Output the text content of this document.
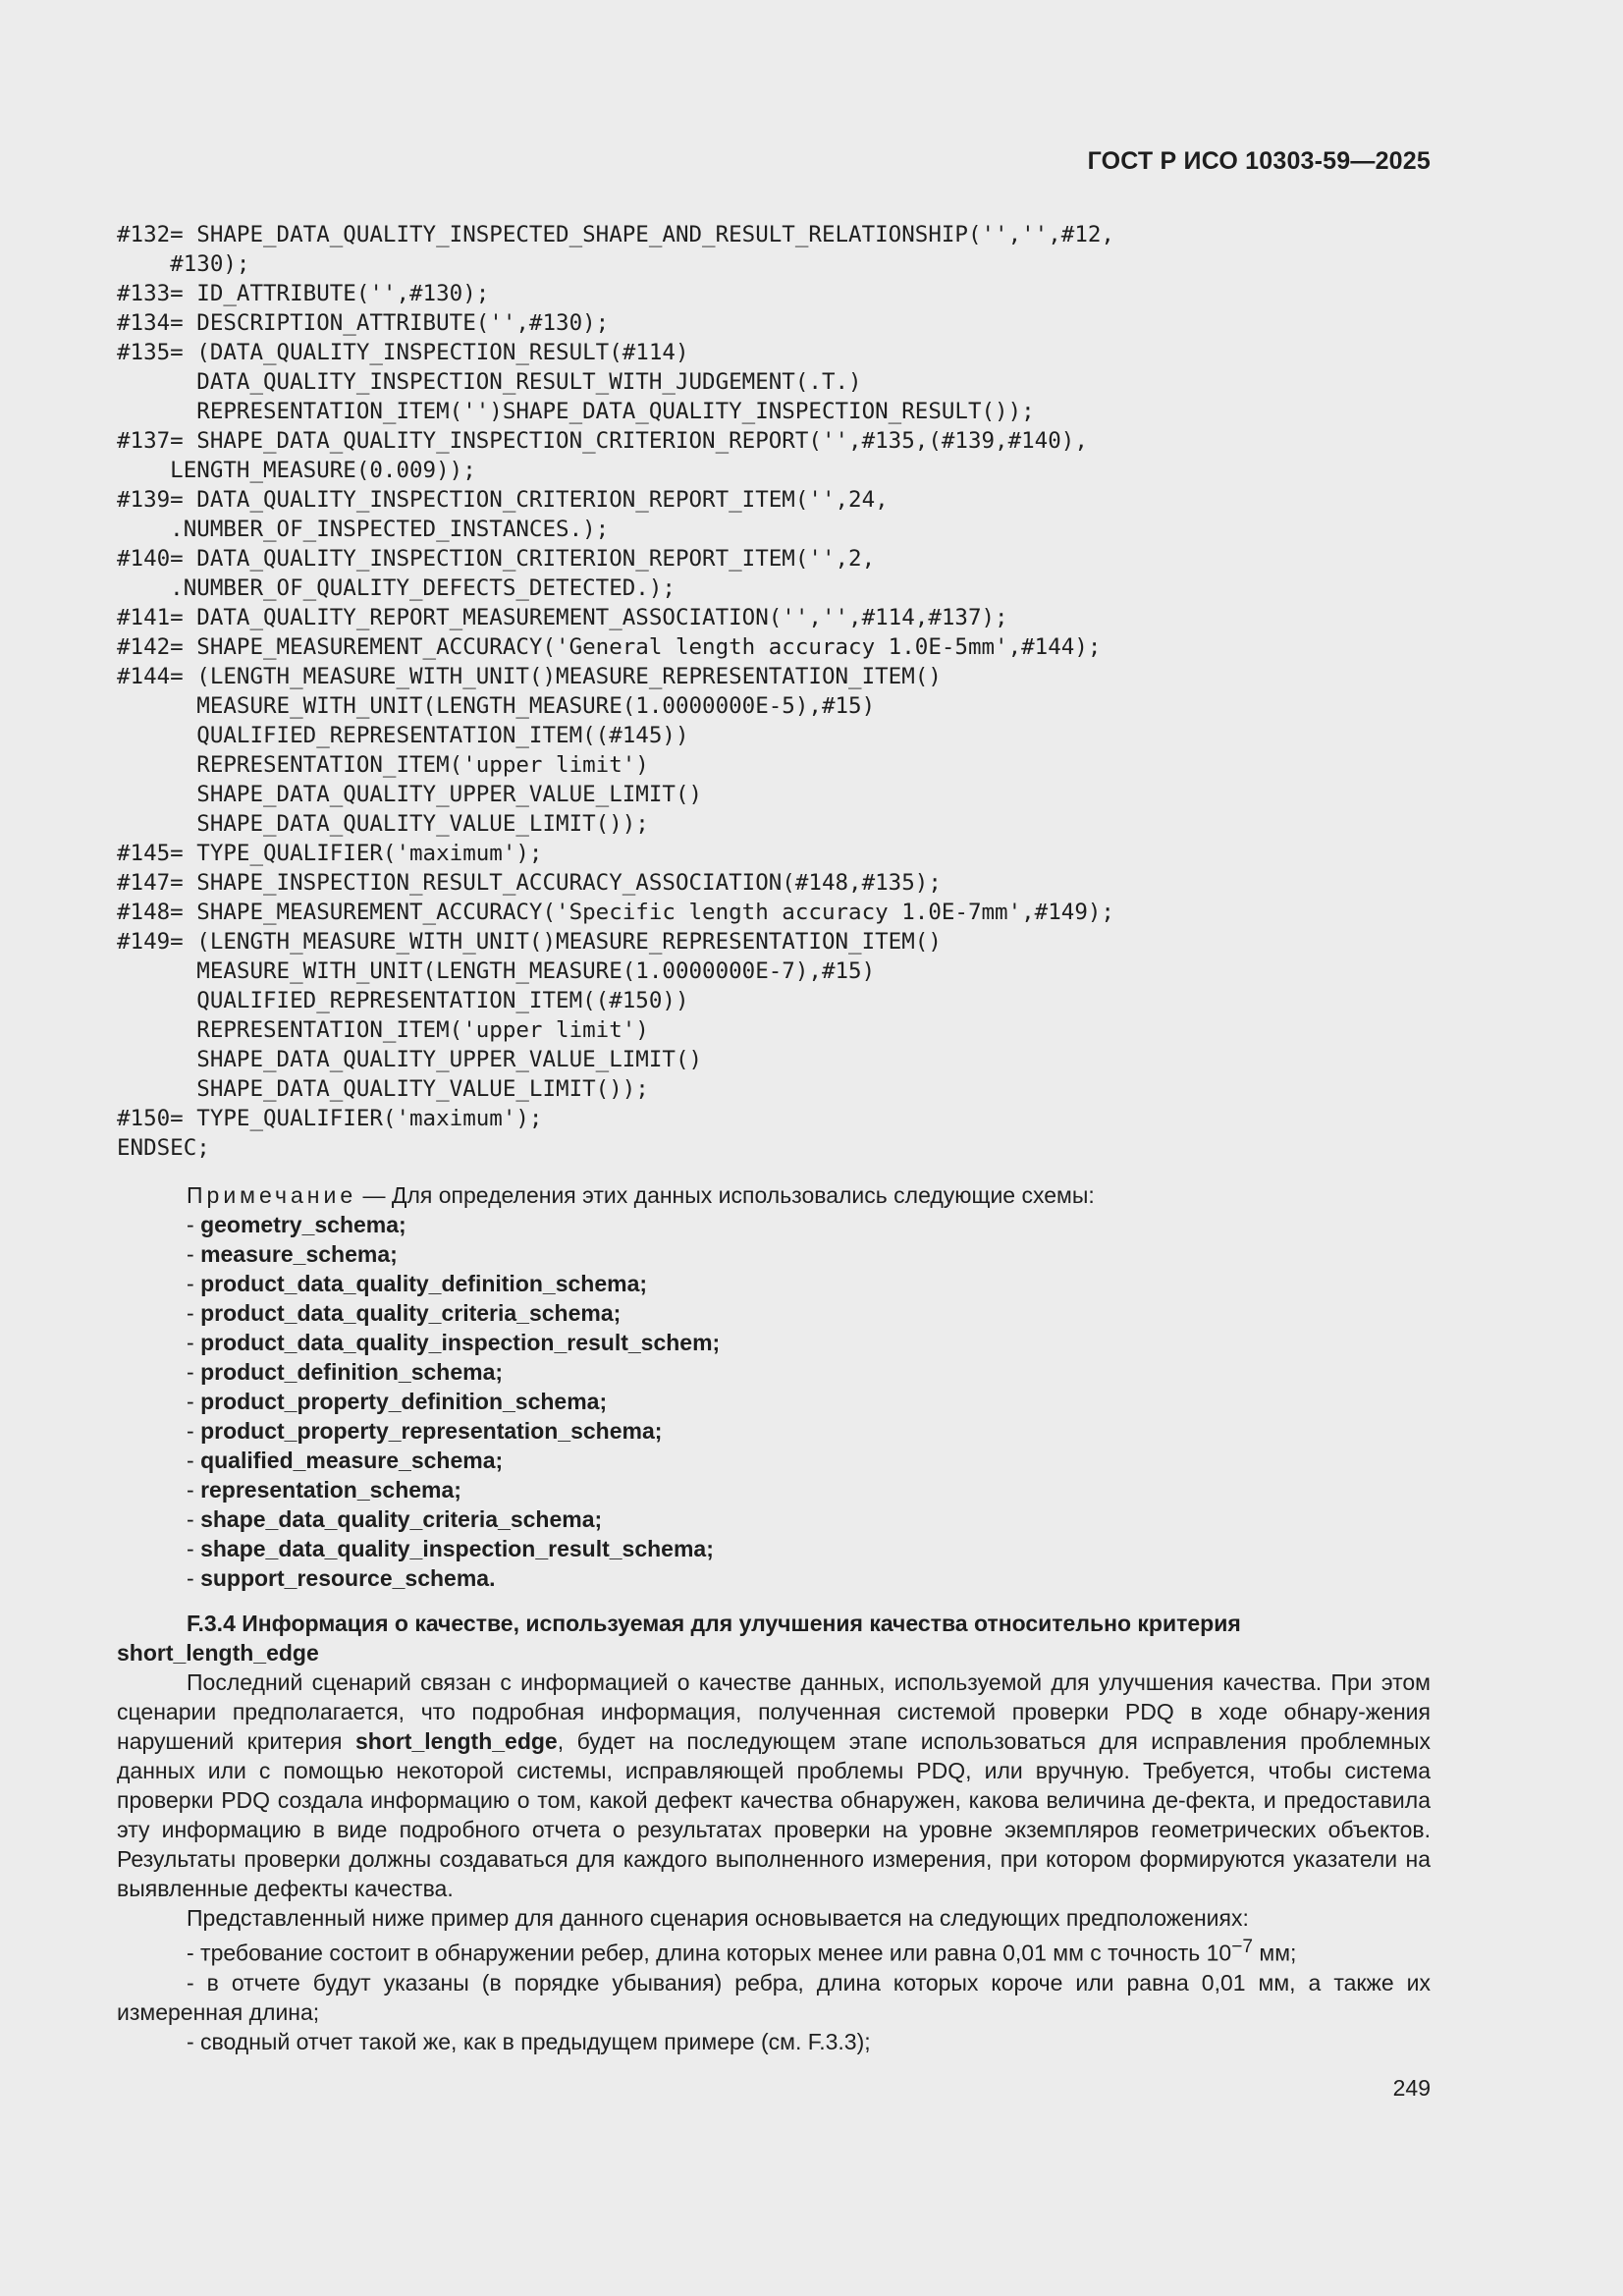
ГОСТ Р ИСО 10303-59—2025
#132= SHAPE_DATA_QUALITY_INSPECTED_SHAPE_AND_RESULT_RELATIONSHIP('','',#12,
#130);
#133= ID_ATTRIBUTE('',#130);
#134= DESCRIPTION_ATTRIBUTE('',#130);
#135= (DATA_QUALITY_INSPECTION_RESULT(#114)
DATA_QUALITY_INSPECTION_RESULT_WITH_JUDGEMENT(.T.)
REPRESENTATION_ITEM('')SHAPE_DATA_QUALITY_INSPECTION_RESULT());
#137= SHAPE_DATA_QUALITY_INSPECTION_CRITERION_REPORT('',#135,(#139,#140),
LENGTH_MEASURE(0.009));
#139= DATA_QUALITY_INSPECTION_CRITERION_REPORT_ITEM('',24,
.NUMBER_OF_INSPECTED_INSTANCES.);
#140= DATA_QUALITY_INSPECTION_CRITERION_REPORT_ITEM('',2,
.NUMBER_OF_QUALITY_DEFECTS_DETECTED.);
#141= DATA_QUALITY_REPORT_MEASUREMENT_ASSOCIATION('','',#114,#137);
#142= SHAPE_MEASUREMENT_ACCURACY('General length accuracy 1.0E-5mm',#144);
#144= (LENGTH_MEASURE_WITH_UNIT()MEASURE_REPRESENTATION_ITEM()
MEASURE_WITH_UNIT(LENGTH_MEASURE(1.0000000E-5),#15)
QUALIFIED_REPRESENTATION_ITEM((#145))
REPRESENTATION_ITEM('upper limit')
SHAPE_DATA_QUALITY_UPPER_VALUE_LIMIT()
SHAPE_DATA_QUALITY_VALUE_LIMIT());
#145= TYPE_QUALIFIER('maximum');
#147= SHAPE_INSPECTION_RESULT_ACCURACY_ASSOCIATION(#148,#135);
#148= SHAPE_MEASUREMENT_ACCURACY('Specific length accuracy 1.0E-7mm',#149);
#149= (LENGTH_MEASURE_WITH_UNIT()MEASURE_REPRESENTATION_ITEM()
MEASURE_WITH_UNIT(LENGTH_MEASURE(1.0000000E-7),#15)
QUALIFIED_REPRESENTATION_ITEM((#150))
REPRESENTATION_ITEM('upper limit')
SHAPE_DATA_QUALITY_UPPER_VALUE_LIMIT()
SHAPE_DATA_QUALITY_VALUE_LIMIT());
#150= TYPE_QUALIFIER('maximum');
ENDSEC;
Примечание — Для определения этих данных использовались следующие схемы:
- geometry_schema;
- measure_schema;
- product_data_quality_definition_schema;
- product_data_quality_criteria_schema;
- product_data_quality_inspection_result_schem;
- product_definition_schema;
- product_property_definition_schema;
- product_property_representation_schema;
- qualified_measure_schema;
- representation_schema;
- shape_data_quality_criteria_schema;
- shape_data_quality_inspection_result_schema;
- support_resource_schema.
F.3.4 Информация о качестве, используемая для улучшения качества относительно критерия short_length_edge

Последний сценарий связан с информацией о качестве данных, используемой для улучшения качества. При этом сценарии предполагается, что подробная информация, полученная системой проверки PDQ в ходе обнару-жения нарушений критерия short_length_edge, будет на последующем этапе использоваться для исправления проблемных данных или с помощью некоторой системы, исправляющей проблемы PDQ, или вручную. Требуется, чтобы система проверки PDQ создала информацию о том, какой дефект качества обнаружен, какова величина де-фекта, и предоставила эту информацию в виде подробного отчета о результатах проверки на уровне экземпляров геометрических объектов. Результаты проверки должны создаваться для каждого выполненного измерения, при котором формируются указатели на выявленные дефекты качества.

Представленный ниже пример для данного сценария основывается на следующих предположениях:

- требование состоит в обнаружении ребер, длина которых менее или равна 0,01 мм с точность $10^{-7}$ мм;

- в отчете будут указаны (в порядке убывания) ребра, длина которых короче или равна 0,01 мм, а также их измеренная длина;

- сводный отчет такой же, как в предыдущем примере (см. F.3.3);

249
